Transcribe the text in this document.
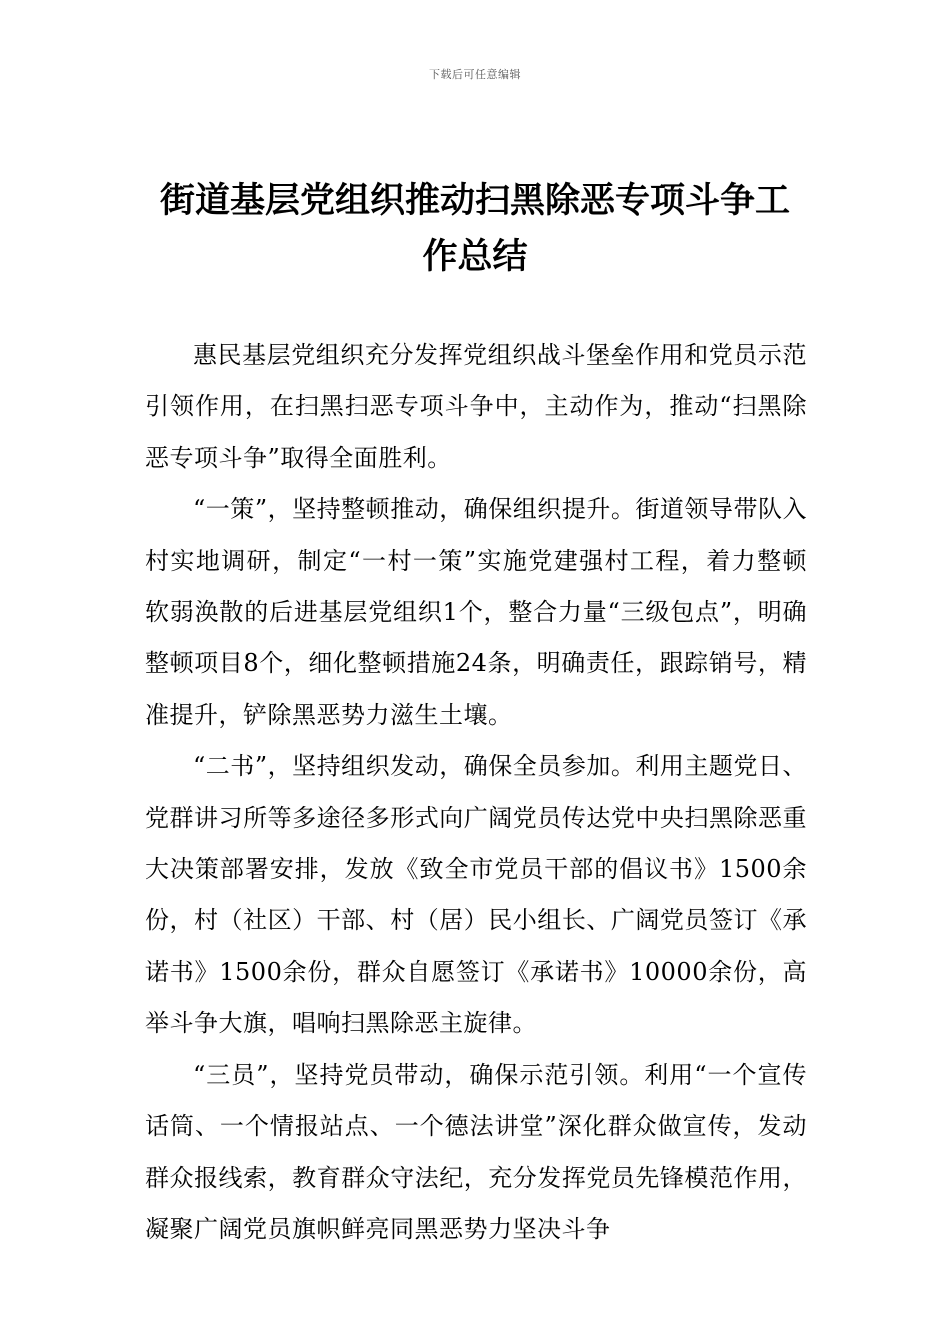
下载后可任意编辑
街道基层党组织推动扫黑除恶专项斗争工作总结

惠民基层党组织充分发挥党组织战斗堡垒作用和党员示范引领作用，在扫黑扫恶专项斗争中，主动作为，推动“扫黑除恶专项斗争”取得全面胜利。

“一策”，坚持整顿推动，确保组织提升。街道领导带队入村实地调研，制定“一村一策”实施党建强村工程，着力整顿软弱涣散的后进基层党组织1个，整合力量“三级包点”，明确整顿项目8个，细化整顿措施24条，明确责任，跟踪销号，精准提升，铲除黑恶势力滋生土壤。

“二书”，坚持组织发动，确保全员参加。利用主题党日、党群讲习所等多途径多形式向广阔党员传达党中央扫黑除恶重大决策部署安排，发放《致全市党员干部的倡议书》1500余份，村（社区）干部、村（居）民小组长、广阔党员签订《承诺书》1500余份，群众自愿签订《承诺书》10000余份，高举斗争大旗，唱响扫黑除恶主旋律。

“三员”，坚持党员带动，确保示范引领。利用“一个宣传话筒、一个情报站点、一个德法讲堂”深化群众做宣传，发动群众报线索，教育群众守法纪，充分发挥党员先锋模范作用，凝聚广阔党员旗帜鲜亮同黑恶势力坚决斗争
